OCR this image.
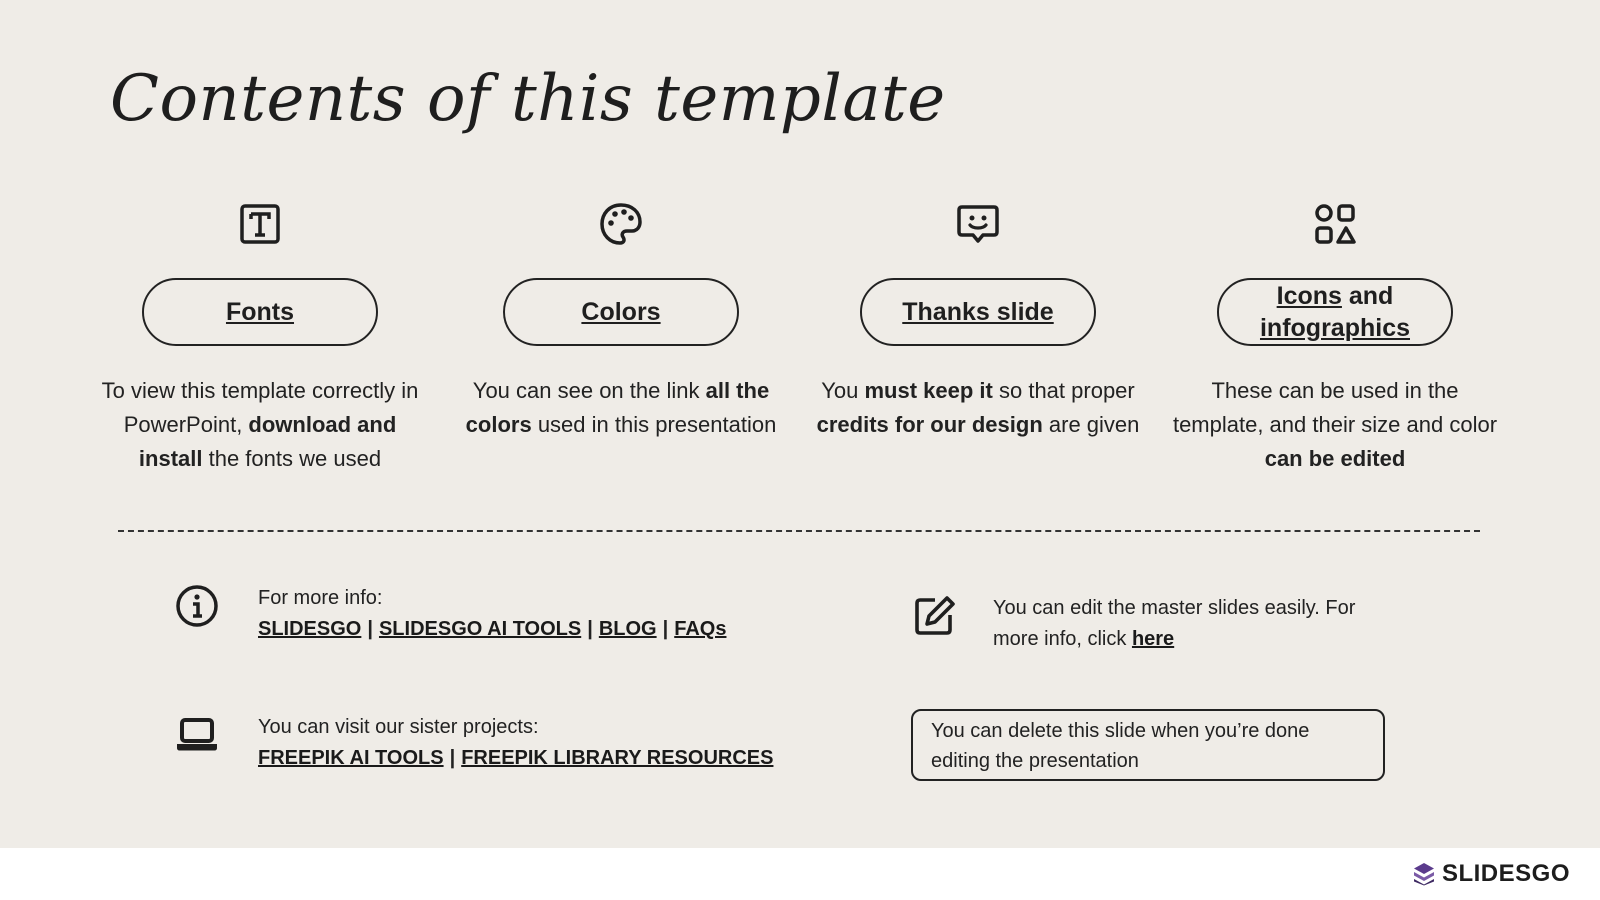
Contents of this template
Fonts
To view this template correctly in PowerPoint, download and install the fonts we used
Colors
You can see on the link all the colors used in this presentation
Thanks slide
You must keep it so that proper credits for our design are given
Icons and
infographics
These can be used in the template, and their size and color can be edited
For more info:
SLIDESGO | SLIDESGO AI TOOLS | BLOG | FAQs
You can visit our sister projects:
FREEPIK AI TOOLS | FREEPIK LIBRARY RESOURCES
You can edit the master slides easily. For more info, click here
You can delete this slide when you’re done editing the presentation
SLIDESGO
